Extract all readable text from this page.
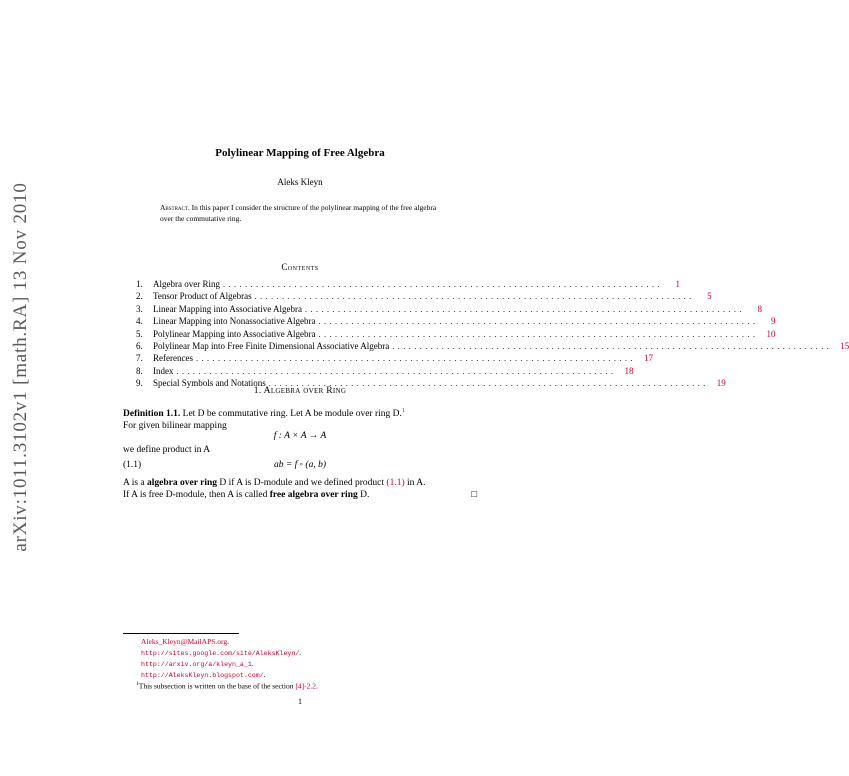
arXiv:1011.3102v1 [math.RA] 13 Nov 2010
Polylinear Mapping of Free Algebra
Aleks Kleyn
Abstract. In this paper I consider the structure of the polylinear mapping of the free algebra over the commutative ring.
Contents
1.	Algebra over Ring ................................................................................	1
2.	Tensor Product of Algebras ................................................................................	5
3.	Linear Mapping into Associative Algebra ................................................................................	8
4.	Linear Mapping into Nonassociative Algebra ................................................................................	9
5.	Polylinear Mapping into Associative Algebra ................................................................................ 10
6.	Polylinear Map into Free Finite Dimensional Associative Algebra ................................................................................ 15
7.	References ................................................................................ 17
8.	Index ................................................................................ 18
9.	Special Symbols and Notations ................................................................................ 19
1. Algebra over Ring
Definition 1.1. Let D be commutative ring. Let A be module over ring D.$^1$
For given bilinear mapping
f : A × A → A
we define product in A
(1.1)	ab = f ◦ (a, b)
A is a algebra over ring D if A is D-module and we defined product (1.1) in A.
If A is free D-module, then A is called free algebra over ring D.	□
Aleks_Kleyn@MailAPS.org.
http://sites.google.com/site/AleksKleyn/.
http://arxiv.org/a/kleyn_a_1.
http://AleksKleyn.blogspot.com/.
$^1$This subsection is written on the base of the section [4]-2.2.
1
